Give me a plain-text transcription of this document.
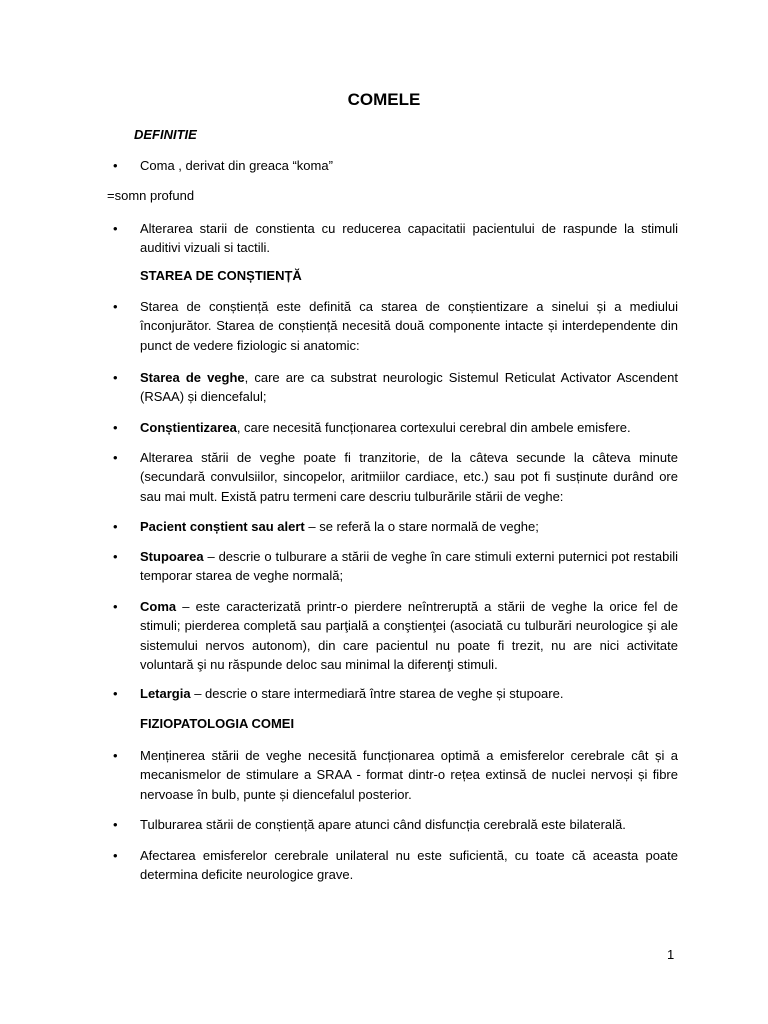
COMELE
DEFINITIE
•	Coma , derivat din greaca “koma”
=somn profund
•	Alterarea starii de constienta cu reducerea capacitatii pacientului de raspunde la stimuli auditivi vizuali si tactili.
STAREA DE CONȘTIENȚĂ
•	Starea de conștiență este definită ca starea de conștientizare a sinelui și a mediului înconjurător. Starea de conștiență necesită două componente intacte și interdependente din punct de vedere fiziologic si anatomic:
•	Starea de veghe, care are ca substrat neurologic Sistemul Reticulat Activator Ascendent (RSAA) și diencefalul;
•	Conștientizarea, care necesită funcționarea cortexului cerebral din ambele emisfere.
•	Alterarea stării de veghe poate fi tranzitorie, de la câteva secunde la câteva minute (secundară convulsiilor, sincopelor, aritmiilor cardiace, etc.) sau pot fi susținute durând ore sau mai mult. Există patru termeni care descriu tulburările stării de veghe:
•	Pacient conștient sau alert – se referă la o stare normală de veghe;
•	Stupoarea – descrie o tulburare a stării de veghe în care stimuli externi puternici pot restabili temporar starea de veghe normală;
•	Coma – este caracterizată printr-o pierdere neîntreruptă a stării de veghe la orice fel de stimuli; pierderea completă sau parţială a conştienţei (asociată cu tulburări neurologice şi ale sistemului nervos autonom), din care pacientul nu poate fi trezit, nu are nici activitate voluntară şi nu răspunde deloc sau minimal la diferenţi stimuli.
•	Letargia – descrie o stare intermediară între starea de veghe și stupoare.
FIZIOPATOLOGIA COMEI
•	Menținerea stării de veghe necesită funcționarea optimă a emisferelor cerebrale cât și a mecanismelor de stimulare a SRAA - format dintr-o rețea extinsă de nuclei nervoși și fibre nervoase în bulb, punte și diencefalul posterior.
•	Tulburarea stării de conștiență apare atunci când disfuncția cerebrală este bilaterală.
•	Afectarea emisferelor cerebrale unilateral nu este suficientă, cu toate că aceasta poate determina deficite neurologice grave.
1
